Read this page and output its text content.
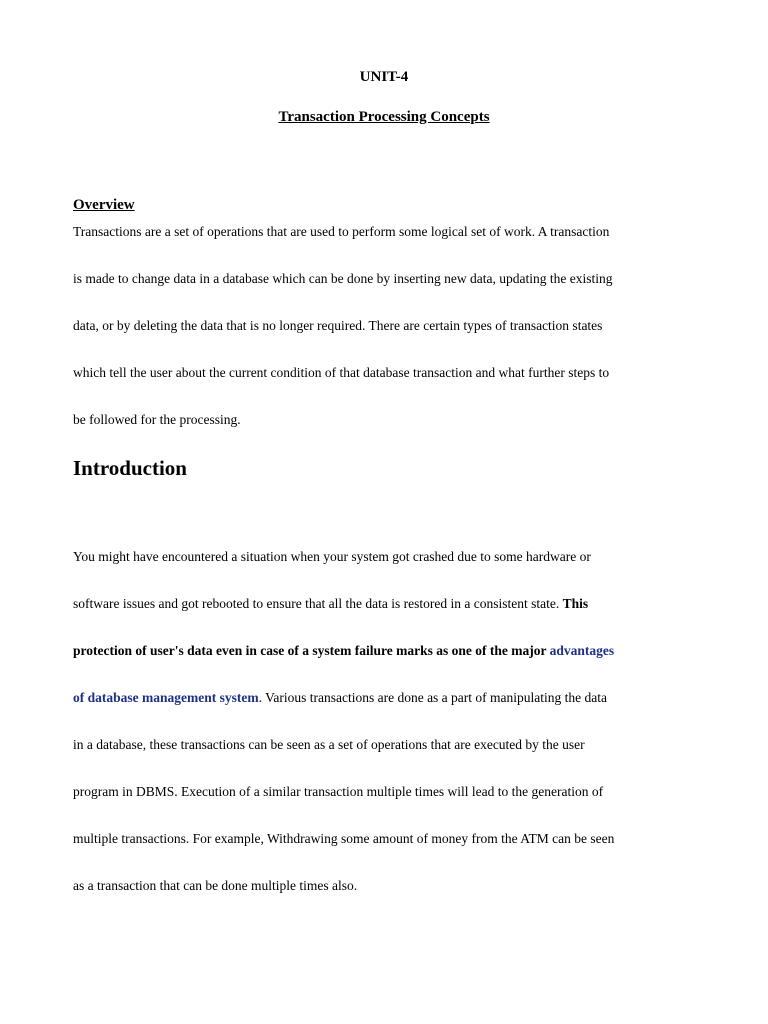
UNIT-4
Transaction Processing Concepts
Overview
Transactions are a set of operations that are used to perform some logical set of work. A transaction
is made to change data in a database which can be done by inserting new data, updating the existing
data, or by deleting the data that is no longer required. There are certain types of transaction states
which tell the user about the current condition of that database transaction and what further steps to
be followed for the processing.
Introduction
You might have encountered a situation when your system got crashed due to some hardware or
software issues and got rebooted to ensure that all the data is restored in a consistent state. This
protection of user's data even in case of a system failure marks as one of the major advantages
of database management system. Various transactions are done as a part of manipulating the data
in a database, these transactions can be seen as a set of operations that are executed by the user
program in DBMS. Execution of a similar transaction multiple times will lead to the generation of
multiple transactions. For example, Withdrawing some amount of money from the ATM can be seen
as a transaction that can be done multiple times also.
